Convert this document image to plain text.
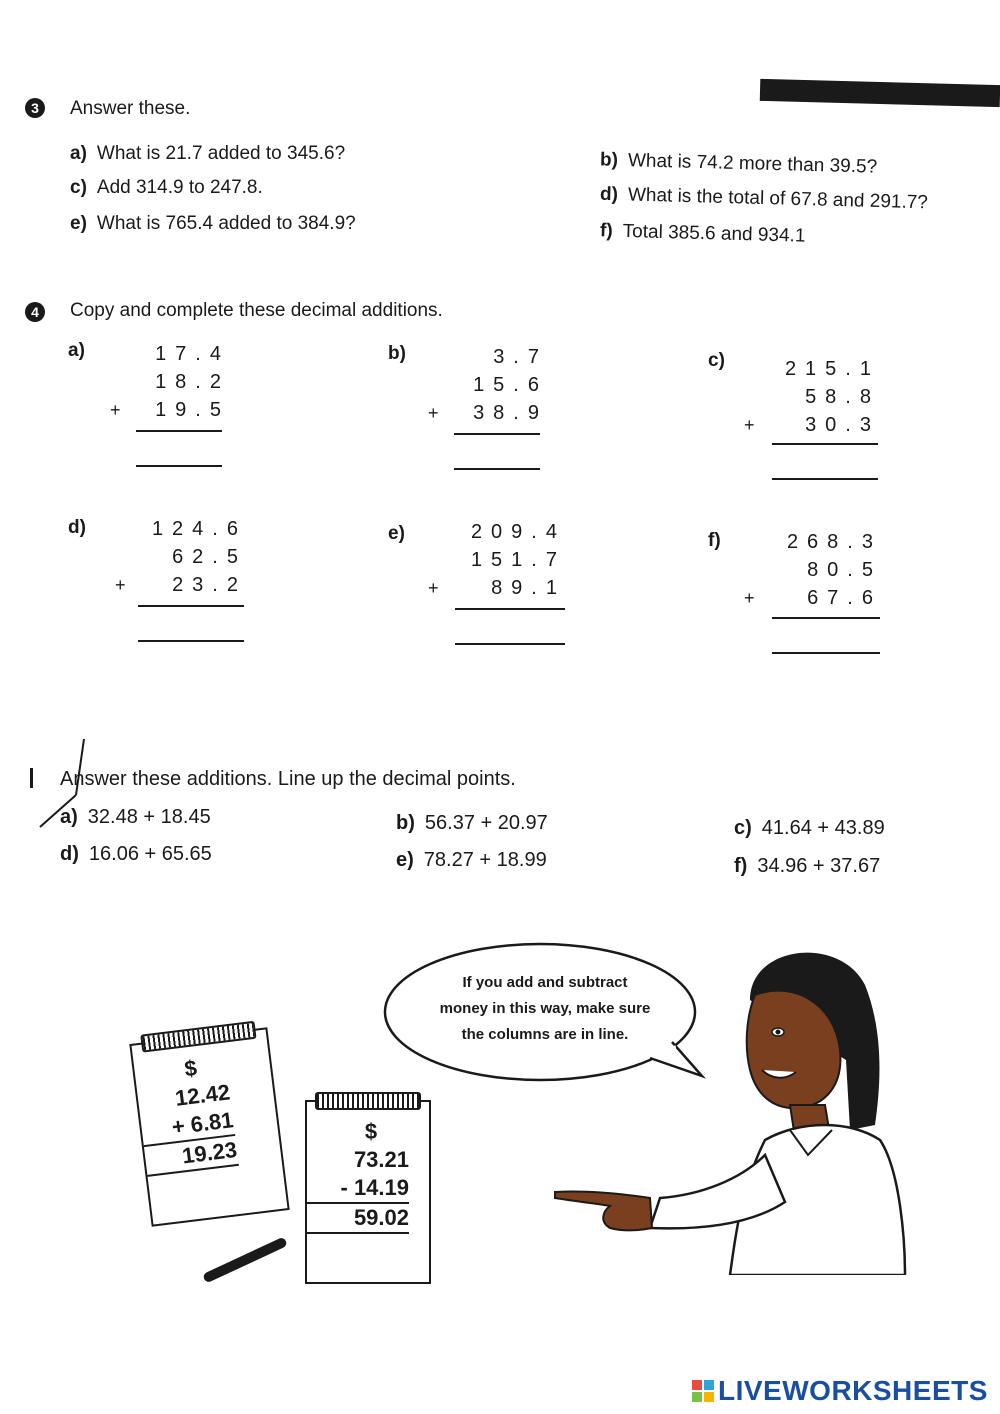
3	Answer these.
a) What is 21.7 added to 345.6?	b) What is 74.2 more than 39.5?
c) Add 314.9 to 247.8.	d) What is the total of 67.8 and 291.7?
e) What is 765.4 added to 384.9?	f) Total 385.6 and 934.1
4	Copy and complete these decimal additions.
a)	17.4
18.2
+ 19.5
b)	3.7
15.6
+ 38.9
c)	215.1
58.8
+	30.3
d)	124.6
62.5
+ 23.2
e)	209.4
151.7
+	89.1
f)	268.3
80.5
+	67.6
Answer these additions. Line up the decimal points.
a) 32.48 + 18.45	b) 56.37 + 20.97	c) 41.64 + 43.89
d) 16.06 + 65.65	e) 78.27 + 18.99	f) 34.96 + 37.67
$
12.42
+ 6.81
19.23
$
73.21
- 14.19
59.02
If you add and subtract
money in this way, make sure
the columns are in line.
LIVEWORKSHEETS
